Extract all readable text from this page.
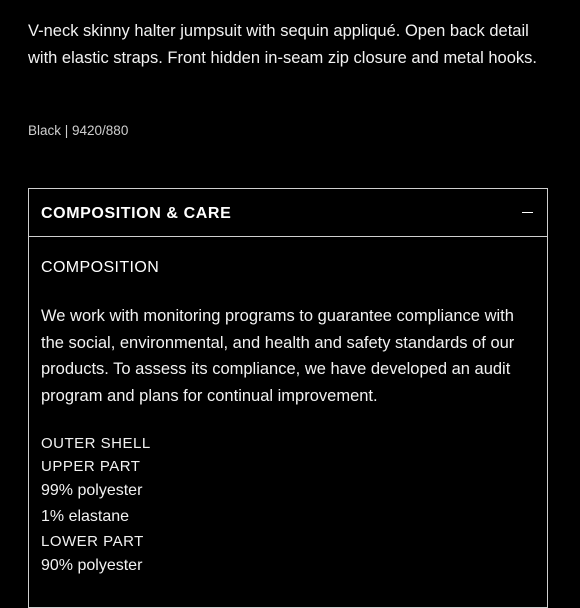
V-neck skinny halter jumpsuit with sequin appliqué. Open back detail with elastic straps. Front hidden in-seam zip closure and metal hooks.

Black | 9420/880

COMPOSITION & CARE
COMPOSITION

We work with monitoring programs to guarantee compliance with the social, environmental, and health and safety standards of our products. To assess its compliance, we have developed an audit program and plans for continual improvement.

OUTER SHELL
UPPER PART
99% polyester
1% elastane
LOWER PART
90% polyester
